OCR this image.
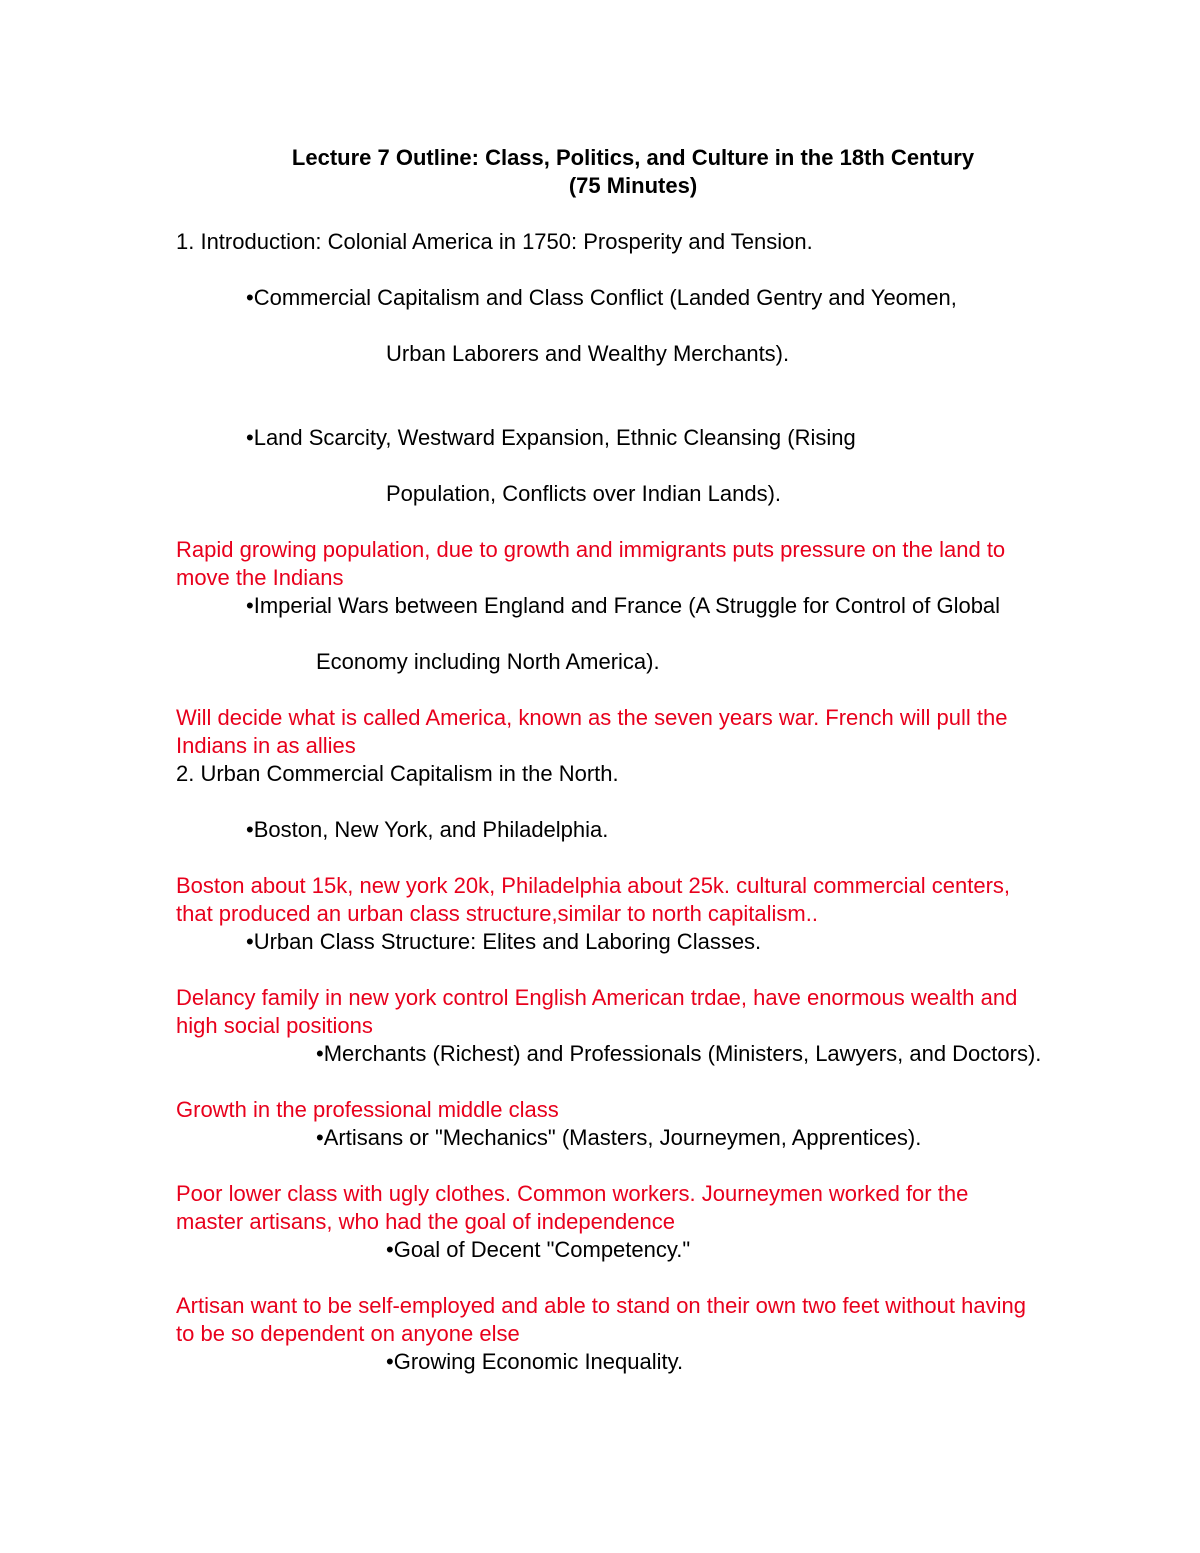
Lecture 7 Outline: Class, Politics, and Culture in the 18th Century
(75 Minutes)
1. Introduction: Colonial America in 1750: Prosperity and Tension.
• Commercial Capitalism and Class Conflict (Landed Gentry and Yeomen,
Urban Laborers and Wealthy Merchants).
• Land Scarcity, Westward Expansion, Ethnic Cleansing (Rising
Population, Conflicts over Indian Lands).
Rapid growing population, due to growth and immigrants puts pressure on the land to
move the Indians
• Imperial Wars between England and France (A Struggle for Control of Global
Economy including North America).
Will decide what is called America, known as the seven years war. French will pull the
Indians in as allies
2. Urban Commercial Capitalism in the North.
• Boston, New York, and Philadelphia.
Boston about 15k, new york 20k, Philadelphia about 25k. cultural commercial centers,
that produced an urban class structure,similar to north capitalism..
• Urban Class Structure: Elites and Laboring Classes.
Delancy family in new york control English American trdae, have enormous wealth and
high social positions
• Merchants (Richest) and Professionals (Ministers, Lawyers, and Doctors).
Growth in the professional middle class
• Artisans or "Mechanics" (Masters, Journeymen, Apprentices).
Poor lower class with ugly clothes. Common workers. Journeymen worked for the
master artisans, who had the goal of independence
• Goal of Decent "Competency."
Artisan want to be self-employed and able to stand on their own two feet without having
to be so dependent on anyone else
• Growing Economic Inequality.
